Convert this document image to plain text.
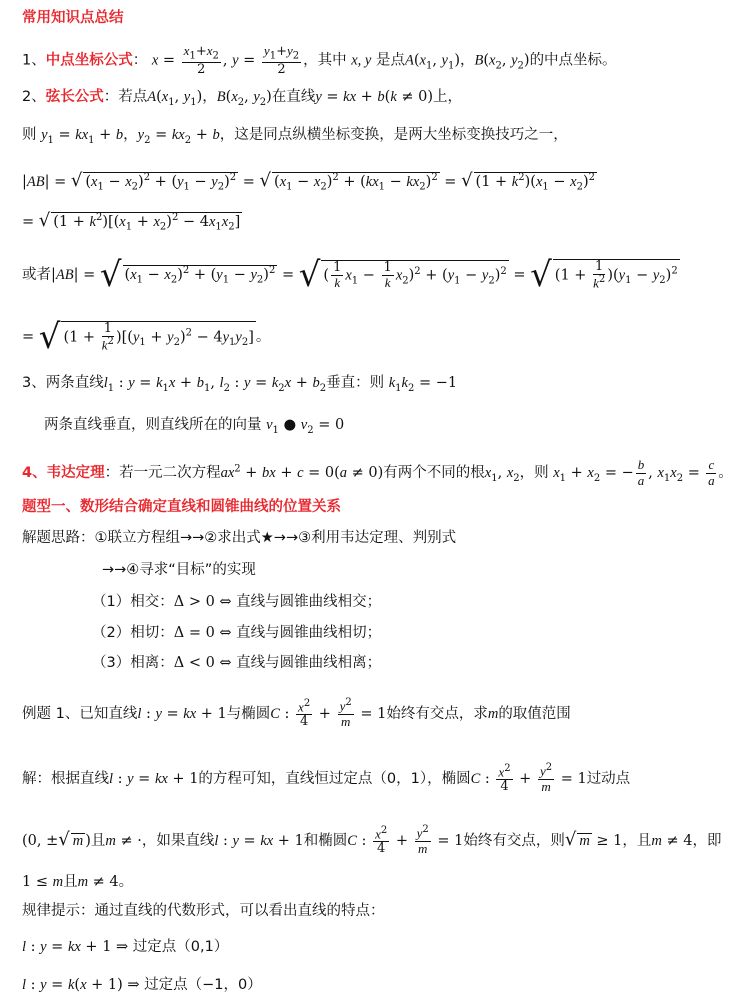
常用知识点总结
1、中点坐标公式： $x = \frac{x_1+x_2}{2}$ , $y = \frac{y_1+y_2}{2}$ ，其中 x, y 是点$A(x_1$, $y_1$)，$B(x_2$, $y_2$)的中点坐标。
2、弦长公式：若点$A(x_1$, $y_1$)，$B(x_2$, $y_2$)在直线y = kx + b(k ≠ 0)上，
则 $y_1 = kx_1 + b$，$y_2 = kx_2 + b$，这是同点纵横坐标变换，是两大坐标变换技巧之一，
|AB| = √ $(x_1 - x_2)^2 + (y_1 - y_2)^2$ = √ $(x_1 - x_2)^2 + (kx_1 - kx_2)^2$ = √ $(1 + k^2)(x_1 - x_2)^2$
= √ $(1 + k^2)[(x_1 + x_2)^2 - 4x_1x_2]$
或者|AB| = √ $(x_1 - x_2)^2 + (y_1 - y_2)^2$ = √ ( $\frac{1}{k} x_1 - \frac{1}{k} x_2)^2 + (y_1 - y_2)^2$ = √ $(1 + \frac{1}{k^2} )(y_1 - y_2)^2$
= √ $(1 + \frac{1}{k^2} )[(y_1 + y_2)^2 - 4y_1y_2]$ 。
3、两条直线$l_1$ : $y = k_1x + b_1$, $l_2$ : $y = k_2x + b_2$垂直：则 $k_1k_2 = -1$
两条直线垂直，则直线所在的向量 $v_1$ ● $v_2 = 0$
4、韦达定理：若一元二次方程$ax^2$ + bx + c = 0(a ≠ 0)有两个不同的根$x_1$, $x_2$，则 $x_1 + x_2$ = − $\frac{b}{a}$ , $x_1x_2 = \frac{c}{a}$ 。
题型一、数形结合确定直线和圆锥曲线的位置关系
解题思路：①联立方程组→→②求出式★→→③利用韦达定理、判别式
→→④寻求“目标”的实现
（1）相交：Δ > 0 ⇔ 直线与圆锥曲线相交；
（2）相切：Δ = 0 ⇔ 直线与圆锥曲线相切；
（3）相离：Δ < 0 ⇔ 直线与圆锥曲线相离；
例题 1、已知直线l : y = kx + 1与椭圆C : $\frac{x^2}{4} + \frac{y^2}{m} = 1$始终有交点，求m的取值范围
解：根据直线l : y = kx + 1的方程可知，直线恒过定点（0，1），椭圆C : $\frac{x^2}{4} + \frac{y^2}{m} = 1$过动点
(0, ±√ m )且m ≠ ·，如果直线l : y = kx + 1和椭圆C : $\frac{x^2}{4} + \frac{y^2}{m} = 1$始终有交点，则√ m ≥ 1，且m ≠ 4，即
1 ≤ m且m ≠ 4。
规律提示：通过直线的代数形式，可以看出直线的特点：
l : y = kx + 1 ⇒ 过定点（0,1）
l : y = k(x + 1) ⇒ 过定点（−1，0）
